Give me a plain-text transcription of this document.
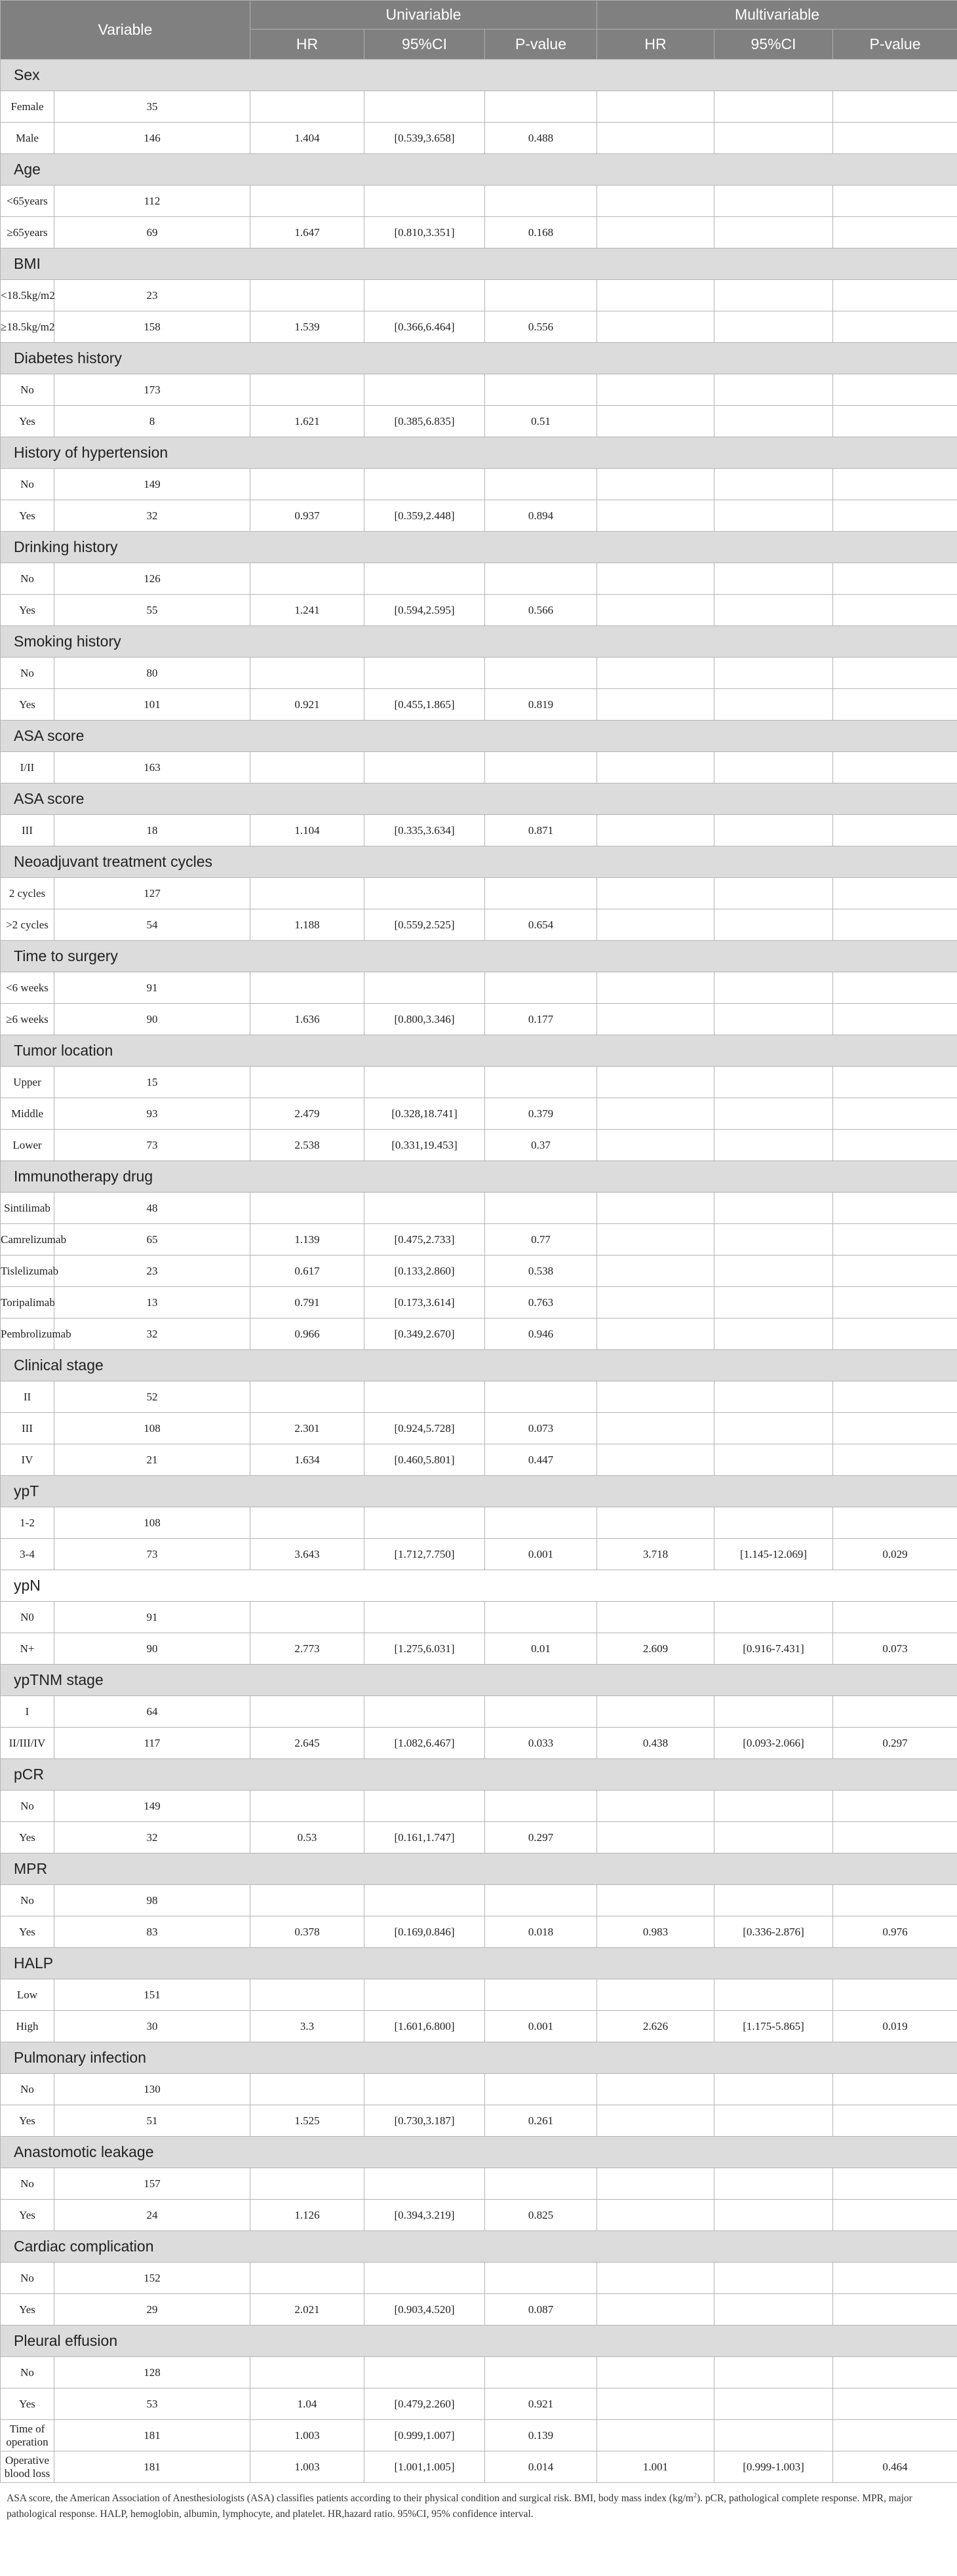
Variable		Univariable			Multivariable		
		HR	95%CI	P-value	HR	95%CI	P-value
Sex							
Female	35						
Male	146	1.404	[0.539,3.658]	0.488			
Age							
<65years	112						
≥65years	69	1.647	[0.810,3.351]	0.168			
BMI							
<18.5kg/m2	23						
≥18.5kg/m2	158	1.539	[0.366,6.464]	0.556			
Diabetes history							
No	173						
Yes	8	1.621	[0.385,6.835]	0.51			
History of hypertension							
No	149						
Yes	32	0.937	[0.359,2.448]	0.894			
Drinking history							
No	126						
Yes	55	1.241	[0.594,2.595]	0.566			
Smoking history							
No	80						
Yes	101	0.921	[0.455,1.865]	0.819			
ASA score							
I/II	163						
ASA score							
III	18	1.104	[0.335,3.634]	0.871			
Neoadjuvant treatment cycles							
2 cycles	127						
>2 cycles	54	1.188	[0.559,2.525]	0.654			
Time to surgery							
<6 weeks	91						
≥6 weeks	90	1.636	[0.800,3.346]	0.177			
Tumor location							
Upper	15						
Middle	93	2.479	[0.328,18.741]	0.379			
Lower	73	2.538	[0.331,19.453]	0.37			
Immunotherapy drug							
Sintilimab	48						
Camrelizumab	65	1.139	[0.475,2.733]	0.77			
Tislelizumab	23	0.617	[0.133,2.860]	0.538			
Toripalimab	13	0.791	[0.173,3.614]	0.763			
Pembrolizumab	32	0.966	[0.349,2.670]	0.946			
Clinical stage							
II	52						
III	108	2.301	[0.924,5.728]	0.073			
IV	21	1.634	[0.460,5.801]	0.447			
ypT							
1-2	108						
3-4	73	3.643	[1.712,7.750]	0.001	3.718	[1.145-12.069]	0.029
ypN							
N0	91						
N+	90	2.773	[1.275,6.031]	0.01	2.609	[0.916-7.431]	0.073
ypTNM stage							
I	64						
II/III/IV	117	2.645	[1.082,6.467]	0.033	0.438	[0.093-2.066]	0.297
pCR							
No	149						
Yes	32	0.53	[0.161,1.747]	0.297			
MPR							
No	98						
Yes	83	0.378	[0.169,0.846]	0.018	0.983	[0.336-2.876]	0.976
HALP							
Low	151						
High	30	3.3	[1.601,6.800]	0.001	2.626	[1.175-5.865]	0.019
Pulmonary infection							
No	130						
Yes	51	1.525	[0.730,3.187]	0.261			
Anastomotic leakage							
No	157						
Yes	24	1.126	[0.394,3.219]	0.825			
Cardiac complication							
No	152						
Yes	29	2.021	[0.903,4.520]	0.087			
Pleural effusion							
No	128						
Yes	53	1.04	[0.479,2.260]	0.921			
Time of operation	181	1.003	[0.999,1.007]	0.139			
Operative blood loss	181	1.003	[1.001,1.005]	0.014	1.001	[0.999-1.003]	0.464
ASA score, the American Association of Anesthesiologists (ASA) classifies patients according to their physical condition and surgical risk. BMI, body mass index $(kg/m^2)$. pCR, pathological complete response. MPR, major pathological response. HALP, hemoglobin, albumin, lymphocyte, and platelet. HR,hazard ratio. 95%CI, 95% confidence interval.
